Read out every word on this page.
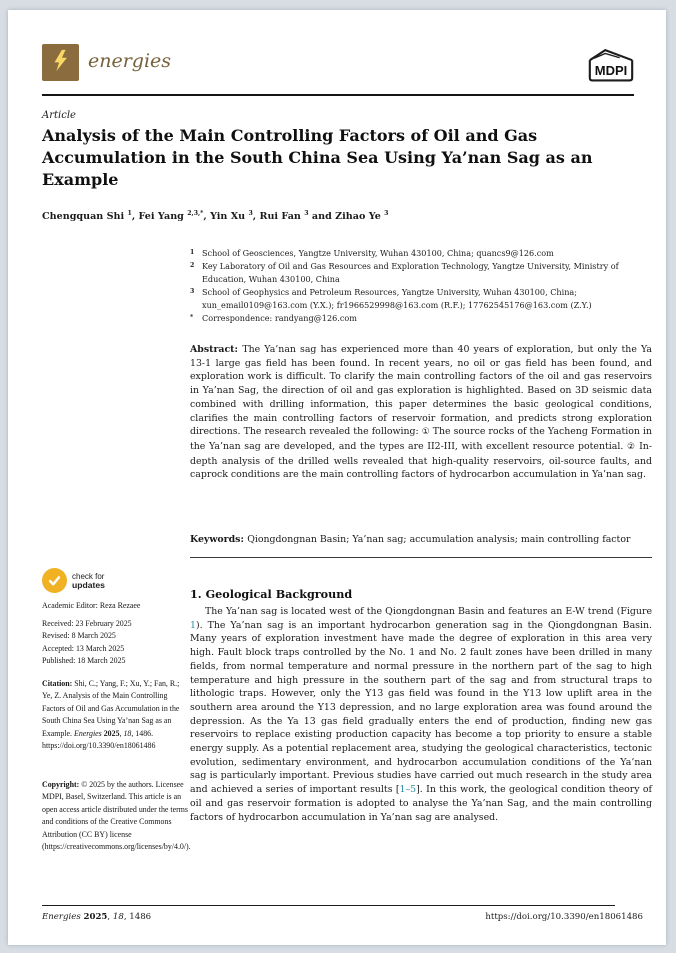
energies	MDPI
Article
Analysis of the Main Controlling Factors of Oil and Gas Accumulation in the South China Sea Using Ya’nan Sag as an Example
Chengquan Shi $^1$, Fei Yang $^{2,3,*}$, Yin Xu $^3$, Rui Fan $^3$ and Zihao Ye $^3$
1 School of Geosciences, Yangtze University, Wuhan 430100, China; quancs9@126.com
2 Key Laboratory of Oil and Gas Resources and Exploration Technology, Yangtze University, Ministry of Education, Wuhan 430100, China
3 School of Geophysics and Petroleum Resources, Yangtze University, Wuhan 430100, China; xun_email0109@163.com (Y.X.); fr1966529998@163.com (R.F.); 17762545176@163.com (Z.Y.)
*	Correspondence: randyang@126.com
Abstract: The Ya’nan sag has experienced more than 40 years of exploration, but only the Ya 13-1 large gas field has been found. In recent years, no oil or gas field has been found, and exploration work is difficult. To clarify the main controlling factors of the oil and gas reservoirs in Ya’nan Sag, the direction of oil and gas exploration is highlighted. Based on 3D seismic data combined with drilling information, this paper determines the basic geological conditions, clarifies the main controlling factors of reservoir formation, and predicts strong exploration directions. The research revealed the following: ① The source rocks of the Yacheng Formation in the Ya’nan sag are developed, and the types are II2-III, with excellent resource potential. ② In-depth analysis of the drilled wells revealed that high-quality reservoirs, oil-source faults, and caprock conditions are the main controlling factors of hydrocarbon accumulation in Ya’nan sag.
Keywords: Qiongdongnan Basin; Ya’nan sag; accumulation analysis; main controlling factor
check for
updates
Academic Editor: Reza Rezaee
Received: 23 February 2025
Revised: 8 March 2025
Accepted: 13 March 2025
Published: 18 March 2025
Citation: Shi, C.; Yang, F.; Xu, Y.; Fan, R.; Ye, Z. Analysis of the Main Controlling Factors of Oil and Gas Accumulation in the South China Sea Using Ya’nan Sag as an Example. Energies 2025, 18, 1486. https://doi.org/10.3390/en18061486
Copyright: © 2025 by the authors. Licensee MDPI, Basel, Switzerland. This article is an open access article distributed under the terms and conditions of the Creative Commons Attribution (CC BY) license (https://creativecommons.org/licenses/by/4.0/).
1. Geological Background
The Ya’nan sag is located west of the Qiongdongnan Basin and features an E-W trend (Figure 1). The Ya’nan sag is an important hydrocarbon generation sag in the Qiongdongnan Basin. Many years of exploration investment have made the degree of exploration in this area very high. Fault block traps controlled by the No. 1 and No. 2 fault zones have been drilled in many fields, from normal temperature and normal pressure in the northern part of the sag to high temperature and high pressure in the southern part of the sag and from structural traps to lithologic traps. However, only the Y13 gas field was found in the Y13 low uplift area in the southern area around the Y13 depression, and no large exploration area was found around the depression. As the Ya 13 gas field gradually enters the end of production, finding new gas reservoirs to replace existing production capacity has become a top priority to ensure a stable energy supply. As a potential replacement area, studying the geological characteristics, tectonic evolution, sedimentary environment, and hydrocarbon accumulation conditions of the Ya’nan sag is particularly important. Previous studies have carried out much research in the study area and achieved a series of important results [1–5]. In this work, the geological condition theory of oil and gas reservoir formation is adopted to analyse the Ya’nan Sag, and the main controlling factors of hydrocarbon accumulation in Ya’nan sag are analysed.
Energies 2025, 18, 1486	https://doi.org/10.3390/en18061486
